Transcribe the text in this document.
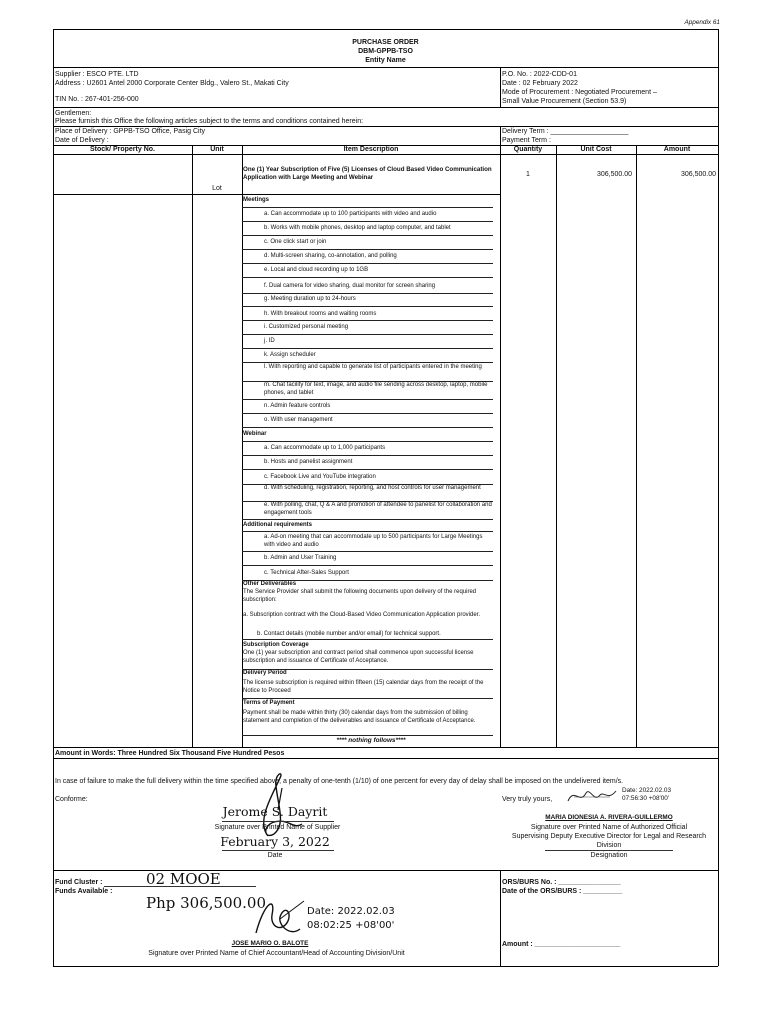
Appendix 61
PURCHASE ORDER
DBM-GPPB-TSO
Entity Name
Supplier : ESCO PTE. LTD
Address : U2601 Antel 2000 Corporate Center Bldg., Valero St., Makati City
TIN No. : 267-401-256-000
P.O. No. : 2022-CDD-01
Date : 02 February 2022
Mode of Procurement : Negotiated Procurement –
Small Value Procurement (Section 53.9)
Gentlemen:
Please furnish this Office the following articles subject to the terms and conditions contained herein:
Place of Delivery : GPPB-TSO Office, Pasig City
Date of Delivery :
Delivery Term : ____________________
Payment Term :
Stock/ Property No.	Unit	Item Description	Quantity	Unit Cost	Amount
One (1) Year Subscription of Five (5) Licenses of Cloud Based Video Communication Application with Large Meeting and Webinar
Lot
1	306,500.00	306,500.00
Meetings
a. Can accommodate up to 100 participants with video and audio
b. Works with mobile phones, desktop and laptop computer, and tablet
c. One click start or join
d. Multi-screen sharing, co-annotation, and polling
e. Local and cloud recording up to 1GB
f. Dual camera for video sharing, dual monitor for screen sharing
g. Meeting duration up to 24-hours
h. With breakout rooms and waiting rooms
i. Customized personal meeting
j. ID
k. Assign scheduler
l. With reporting and capable to generate list of participants entered in the meeting
m. Chat facility for text, image, and audio file sending across desktop, laptop, mobile phones, and tablet
n. Admin feature controls
o. With user management
Webinar
a. Can accommodate up to 1,000 participants
b. Hosts and panelist assignment
c. Facebook Live and YouTube integration
d. With scheduling, registration, reporting, and host controls for user management
e. With polling, chat, Q & A and promotion of attendee to panelist for collaboration and engagement tools
Additional requirements
a. Ad-on meeting that can accommodate up to 500 participants for Large Meetings with video and audio
b. Admin and User Training
c. Technical After-Sales Support
Other Deliverables
The Service Provider shall submit the following documents upon delivery of the required subscription:
a. Subscription contract with the Cloud-Based Video Communication Application provider.
b. Contact details (mobile number and/or email) for technical support.
Subscription Coverage
One (1) year subscription and contract period shall commence upon successful license subscription and issuance of Certificate of Acceptance.
Delivery Period
The license subscription is required within fifteen (15) calendar days from the receipt of the Notice to Proceed
Terms of Payment
Payment shall be made within thirty (30) calendar days from the submission of billing statement and completion of the deliverables and issuance of Certificate of Acceptance.
**** nothing follows****
Amount in Words: Three Hundred Six Thousand Five Hundred Pesos
In case of failure to make the full delivery within the time specified above, a penalty of one-tenth (1/10) of one percent for every day of delay shall be imposed on the undelivered item/s.
Conforme:
Jerome S. Dayrit
Signature over Printed Name of Supplier
February 3, 2022
Date
Very truly yours,
Date: 2022.02.03
07:56:30 +08'00'
MARIA DIONESIA A. RIVERA-GUILLERMO
Signature over Printed Name of Authorized Official
Supervising Deputy Executive Director for Legal and Research
Division
Designation
Fund Cluster :	02 MOOE
Funds Available :
Php 306,500.00	Date: 2022.02.03
08:02:25 +08'00'
JOSE MARIO O. BALOTE
Signature over Printed Name of Chief Accountant/Head of Accounting Division/Unit
ORS/BURS No. : ________________
Date of the ORS/BURS : __________
Amount : ______________________
